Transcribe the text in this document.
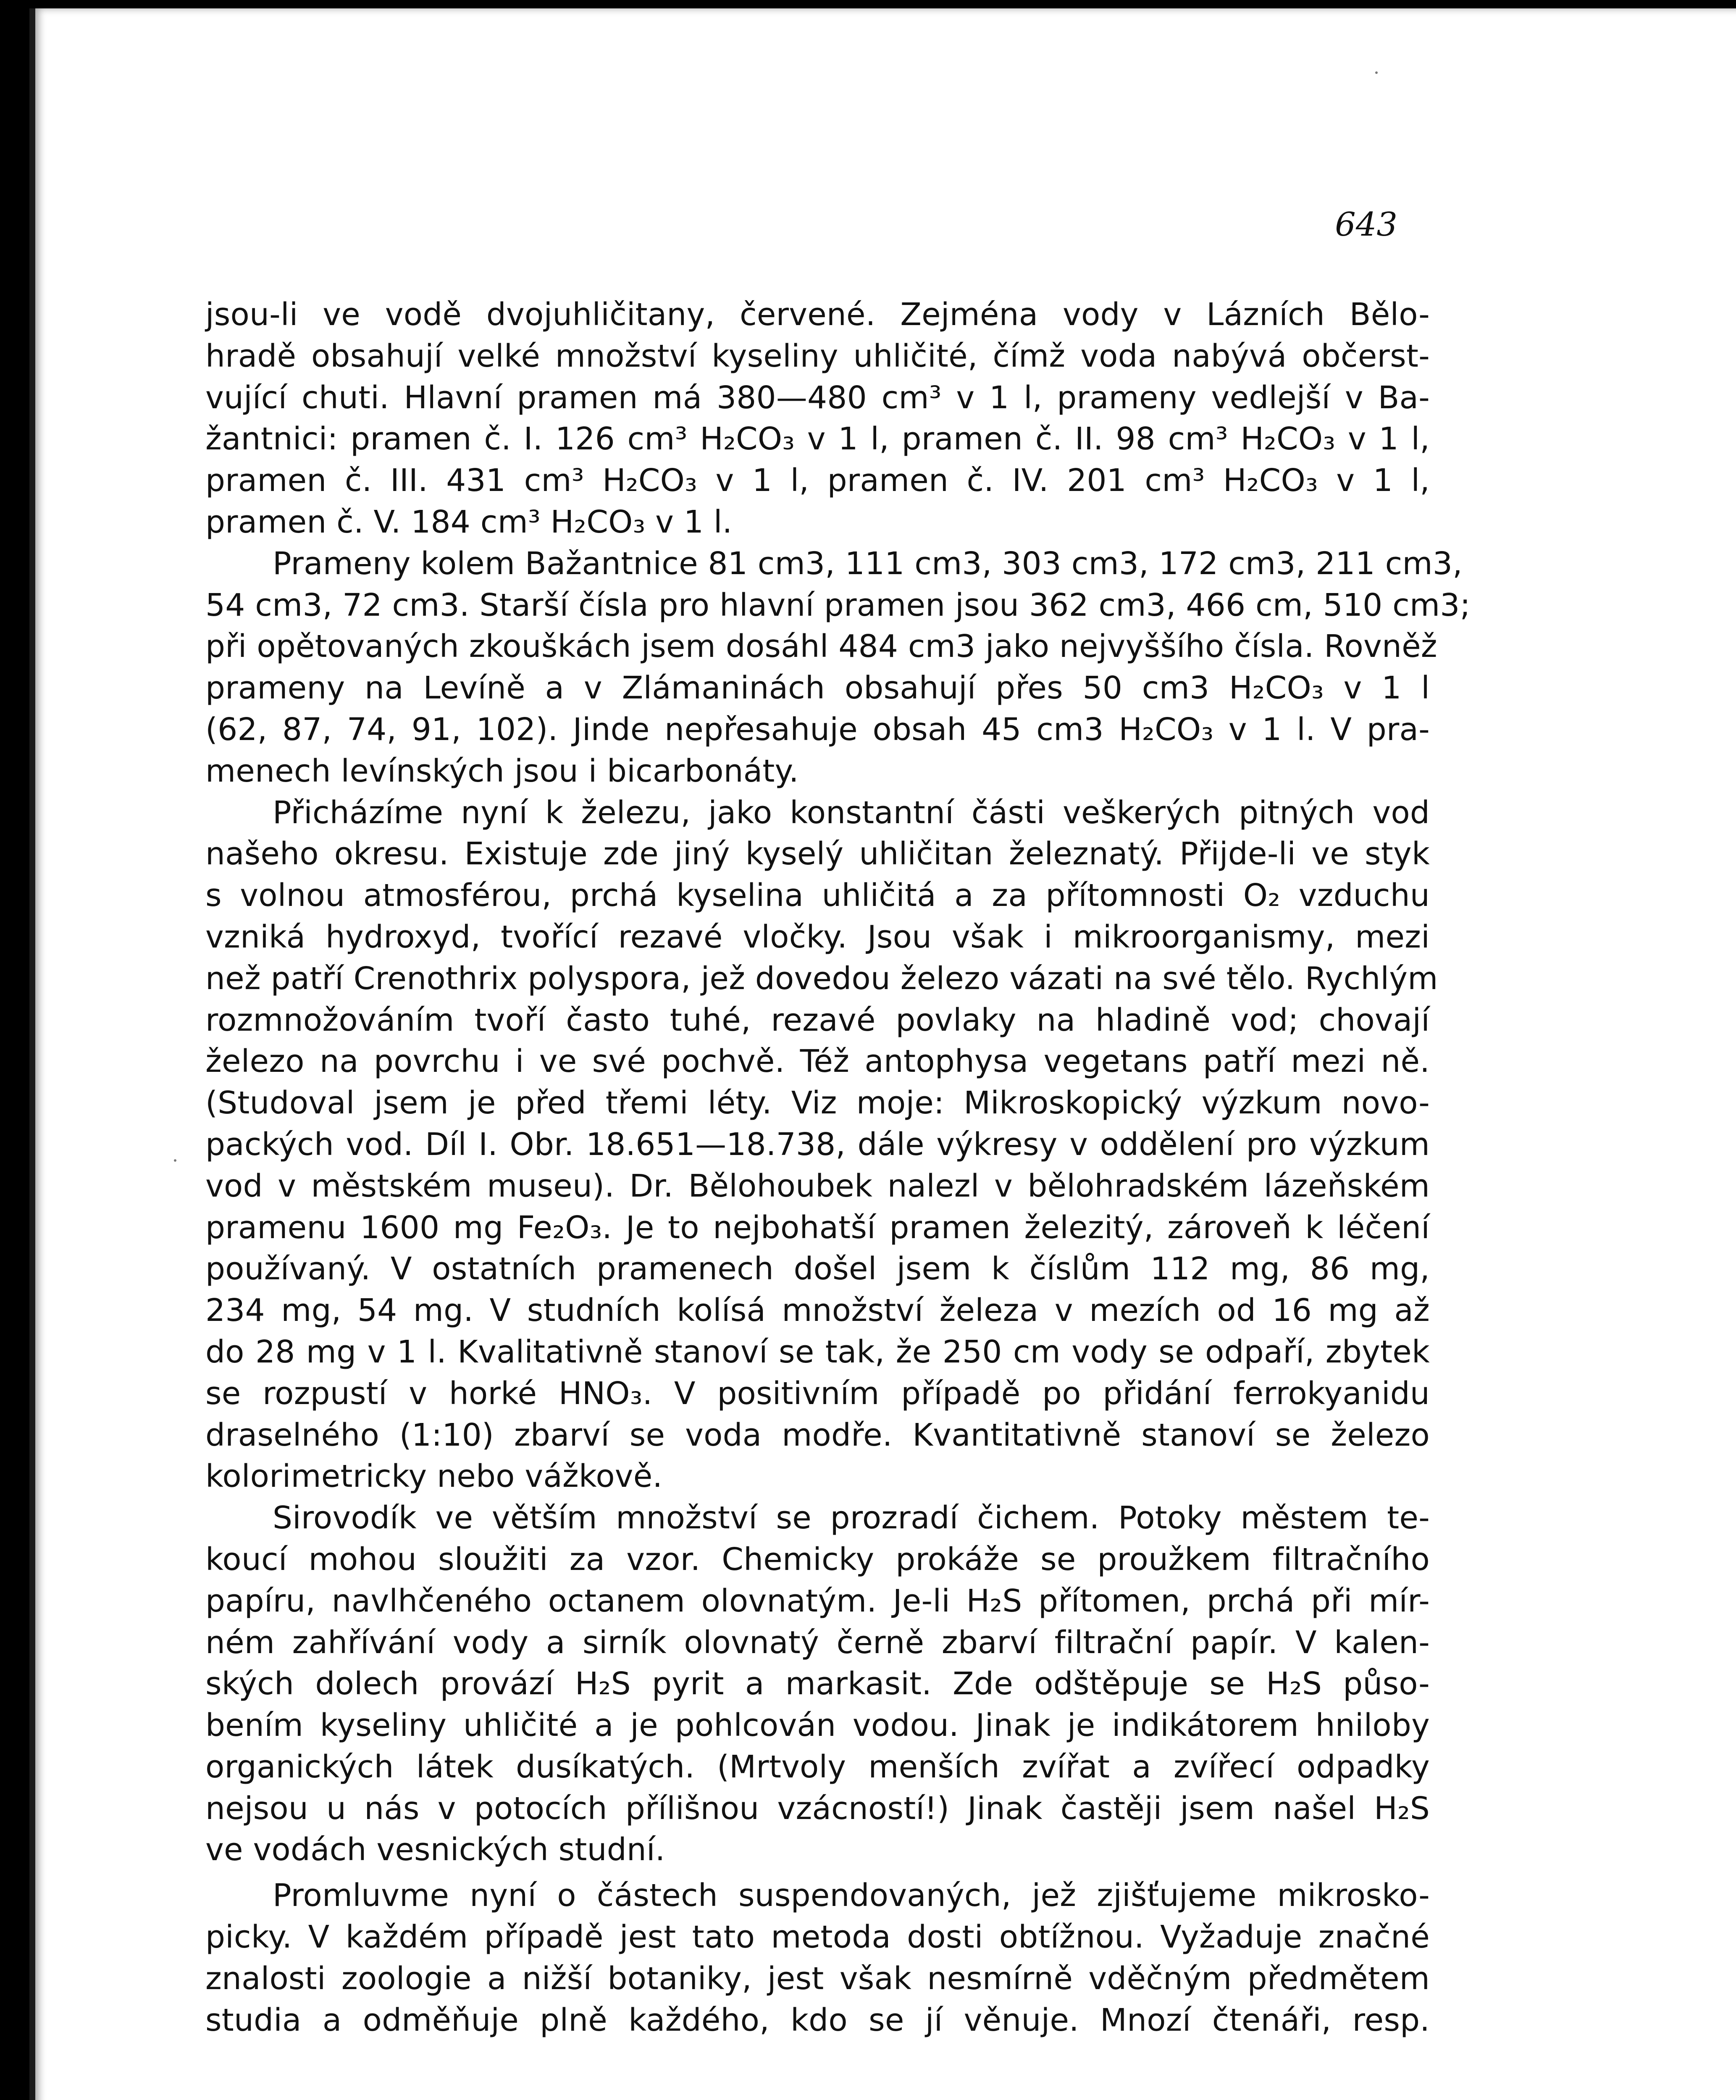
643
jsou-li ve vodě dvojuhličitany, červené. Zejména vody v Lázních Bělo-
hradě obsahují velké množství kyseliny uhličité, čímž voda nabývá občerst-
vující chuti. Hlavní pramen má 380—480 cm³ v 1 l, prameny vedlejší v Ba-
žantnici: pramen č. I. 126 cm³ H₂CO₃ v 1 l, pramen č. II. 98 cm³ H₂CO₃ v 1 l,
pramen č. III. 431 cm³ H₂CO₃ v 1 l, pramen č. IV. 201 cm³ H₂CO₃ v 1 l,
pramen č. V. 184 cm³ H₂CO₃ v 1 l.
Prameny kolem Bažantnice 81 cm3, 111 cm3, 303 cm3, 172 cm3, 211 cm3,
54 cm3, 72 cm3. Starší čísla pro hlavní pramen jsou 362 cm3, 466 cm, 510 cm3;
při opětovaných zkouškách jsem dosáhl 484 cm3 jako nejvyššího čísla. Rovněž
prameny na Levíně a v Zlámaninách obsahují přes 50 cm3 H₂CO₃ v 1 l
(62, 87, 74, 91, 102). Jinde nepřesahuje obsah 45 cm3 H₂CO₃ v 1 l. V pra-
menech levínských jsou i bicarbonáty.
Přicházíme nyní k železu, jako konstantní části veškerých pitných vod
našeho okresu. Existuje zde jiný kyselý uhličitan železnatý. Přijde-li ve styk
s volnou atmosférou, prchá kyselina uhličitá a za přítomnosti O₂ vzduchu
vzniká hydroxyd, tvořící rezavé vločky. Jsou však i mikroorganismy, mezi
než patří Crenothrix polyspora, jež dovedou železo vázati na své tělo. Rychlým
rozmnožováním tvoří často tuhé, rezavé povlaky na hladině vod; chovají
železo na povrchu i ve své pochvě. Též antophysa vegetans patří mezi ně.
(Studoval jsem je před třemi léty. Viz moje: Mikroskopický výzkum novo-
packých vod. Díl I. Obr. 18.651—18.738, dále výkresy v oddělení pro výzkum
vod v městském museu). Dr. Bělohoubek nalezl v bělohradském lázeňském
pramenu 1600 mg Fe₂O₃. Je to nejbohatší pramen železitý, zároveň k léčení
používaný. V ostatních pramenech došel jsem k číslům 112 mg, 86 mg,
234 mg, 54 mg. V studních kolísá množství železa v mezích od 16 mg až
do 28 mg v 1 l. Kvalitativně stanoví se tak, že 250 cm vody se odpaří, zbytek
se rozpustí v horké HNO₃. V positivním případě po přidání ferrokyanidu
draselného (1:10) zbarví se voda modře. Kvantitativně stanoví se železo
kolorimetricky nebo vážkově.
Sirovodík ve větším množství se prozradí čichem. Potoky městem te-
koucí mohou sloužiti za vzor. Chemicky prokáže se proužkem filtračního
papíru, navlhčeného octanem olovnatým. Je-li H₂S přítomen, prchá při mír-
ném zahřívání vody a sirník olovnatý černě zbarví filtrační papír. V kalen-
ských dolech provází H₂S pyrit a markasit. Zde odštěpuje se H₂S půso-
bením kyseliny uhličité a je pohlcován vodou. Jinak je indikátorem hniloby
organických látek dusíkatých. (Mrtvoly menších zvířat a zvířecí odpadky
nejsou u nás v potocích přílišnou vzácností!) Jinak častěji jsem našel H₂S
ve vodách vesnických studní.
Promluvme nyní o částech suspendovaných, jež zjišťujeme mikrosko-
picky. V každém případě jest tato metoda dosti obtížnou. Vyžaduje značné
znalosti zoologie a nižší botaniky, jest však nesmírně vděčným předmětem
studia a odměňuje plně každého, kdo se jí věnuje. Mnozí čtenáři, resp.
